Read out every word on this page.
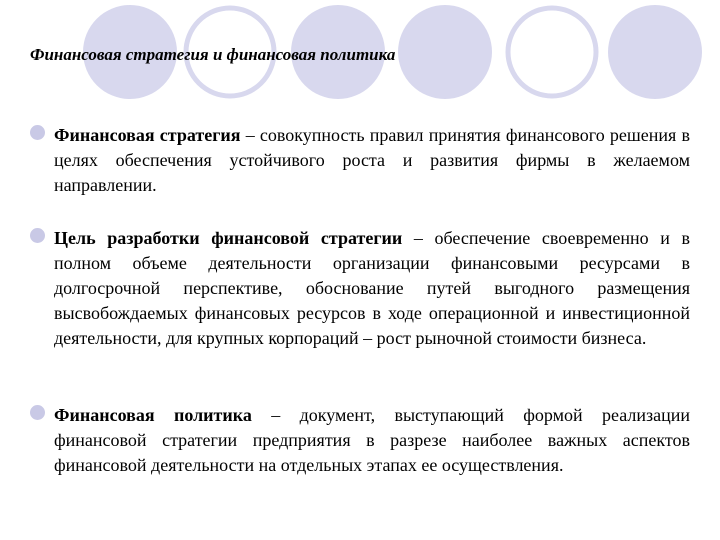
Финансовая стратегия и финансовая политика
Финансовая стратегия – совокупность правил принятия финансового решения в целях обеспечения устойчивого роста и развития фирмы в желаемом направлении.
Цель разработки финансовой стратегии – обеспечение своевременно и в полном объеме деятельности организации финансовыми ресурсами в долгосрочной перспективе, обоснование путей выгодного размещения высвобождаемых финансовых ресурсов в ходе операционной и инвестиционной деятельности, для крупных корпораций – рост рыночной стоимости бизнеса.
Финансовая политика – документ, выступающий формой реализации финансовой стратегии предприятия в разрезе наиболее важных аспектов финансовой деятельности на отдельных этапах ее осуществления.
